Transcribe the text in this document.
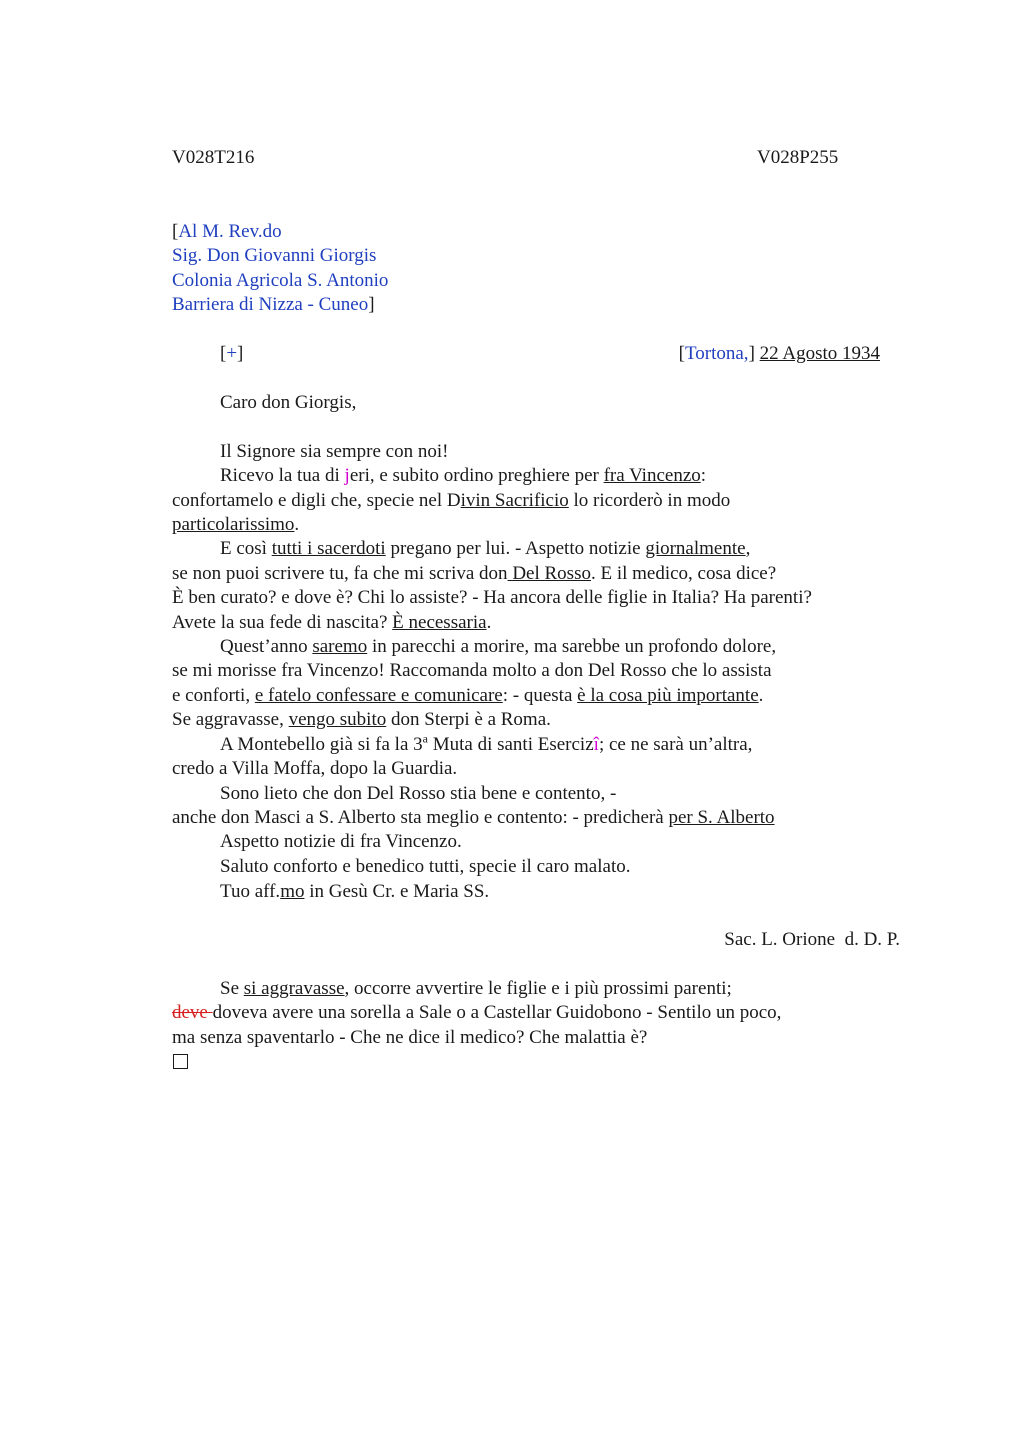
V028T216	V028P255
[Al M. Rev.do
Sig. Don Giovanni Giorgis
Colonia Agricola S. Antonio
Barriera di Nizza - Cuneo]
[+]	[Tortona,] 22 Agosto 1934
Caro don Giorgis,
Il Signore sia sempre con noi!
Ricevo la tua di jeri, e subito ordino preghiere per fra Vincenzo:
confortamelo e digli che, specie nel Divin Sacrificio lo ricorderò in modo
particolarissimo.
E così tutti i sacerdoti pregano per lui. - Aspetto notizie giornalmente,
se non puoi scrivere tu, fa che mi scriva don Del Rosso. E il medico, cosa dice?
È ben curato? e dove è? Chi lo assiste? - Ha ancora delle figlie in Italia? Ha parenti?
Avete la sua fede di nascita? È necessaria.
Quest’anno saremo in parecchi a morire, ma sarebbe un profondo dolore,
se mi morisse fra Vincenzo! Raccomanda molto a don Del Rosso che lo assista
e conforti, e fatelo confessare e comunicare: - questa è la cosa più importante.
Se aggravasse, vengo subito don Sterpi è a Roma.
A Montebello già si fa la 3$^a$ Muta di santi Esercizî; ce ne sarà un’altra,
credo a Villa Moffa, dopo la Guardia.
Sono lieto che don Del Rosso stia bene e contento, -
anche don Masci a S. Alberto sta meglio e contento: - predicherà per S. Alberto
Aspetto notizie di fra Vincenzo.
Saluto conforto e benedico tutti, specie il caro malato.
Tuo aff.mo in Gesù Cr. e Maria SS.
Sac. L. Orione  d. D. P.
Se si aggravasse, occorre avvertire le figlie e i più prossimi parenti;
deve doveva avere una sorella a Sale o a Castellar Guidobono - Sentilo un poco,
ma senza spaventarlo - Che ne dice il medico? Che malattia è?
